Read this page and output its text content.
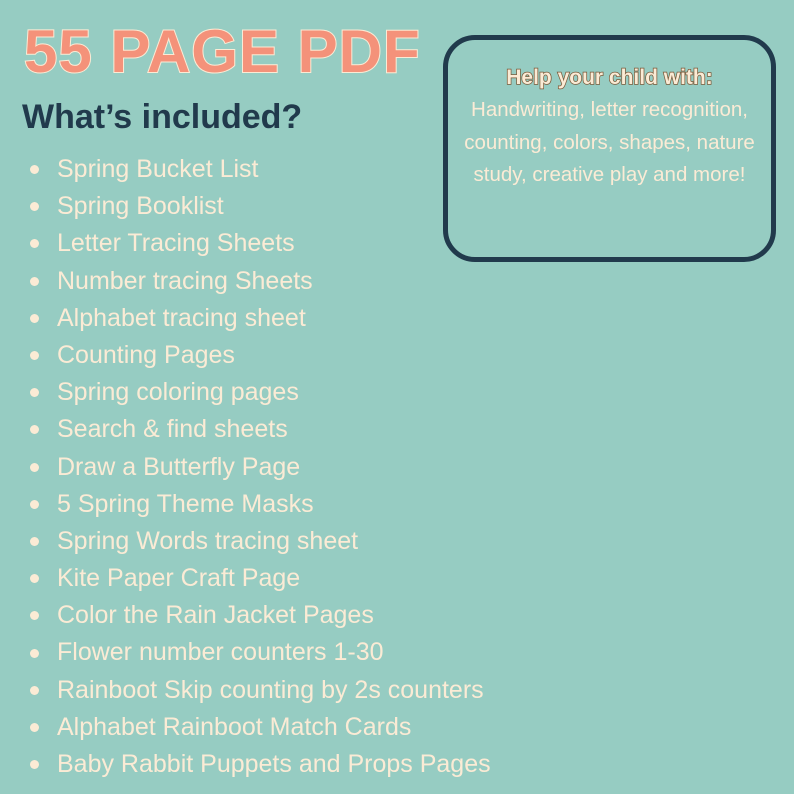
55 PAGE PDF
What’s included?
Spring Bucket List
Spring Booklist
Letter Tracing Sheets
Number tracing Sheets
Alphabet tracing sheet
Counting Pages
Spring coloring pages
Search & find sheets
Draw a Butterfly Page
5 Spring Theme Masks
Spring Words tracing sheet
Kite Paper Craft Page
Color the Rain Jacket Pages
Flower number counters 1-30
Rainboot Skip counting by 2s counters
Alphabet Rainboot Match Cards
Baby Rabbit Puppets and Props Pages
Help your child with:
Handwriting, letter recognition, counting, colors, shapes, nature study, creative play and more!
